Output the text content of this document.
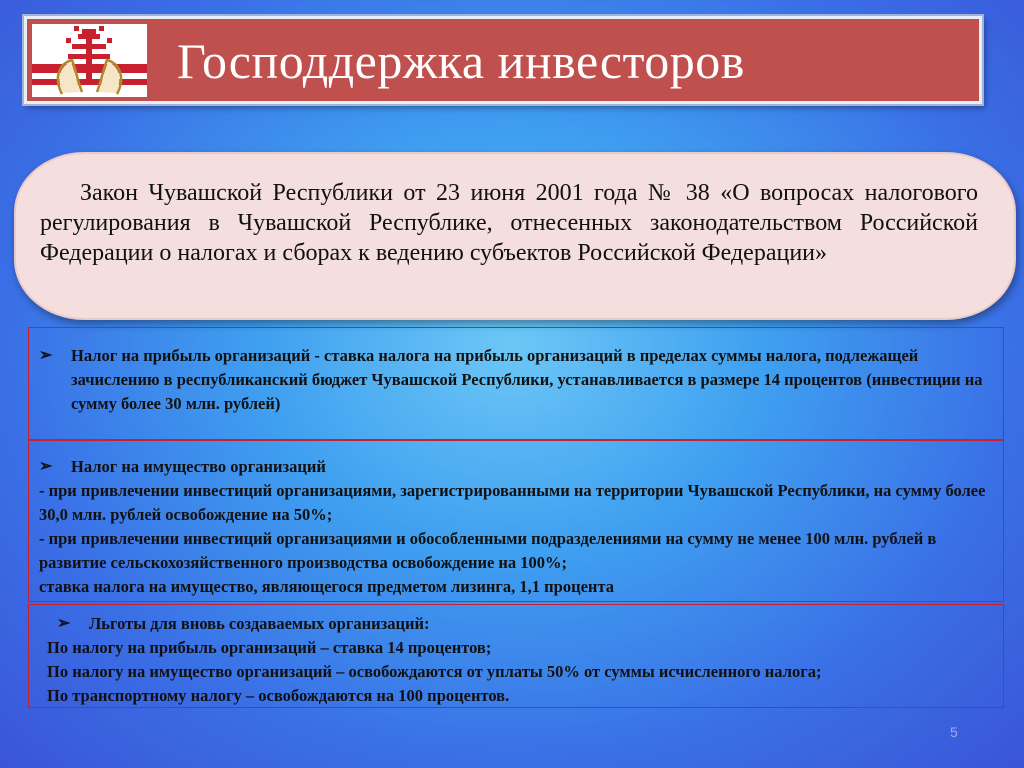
Господдержка инвесторов
Закон Чувашской Республики от 23 июня 2001 года № 38 «О вопросах налогового регулирования в Чувашской Республике, отнесенных законодательством Российской Федерации о налогах и сборах к ведению субъектов Российской Федерации»
➢ Налог на прибыль организаций - ставка налога на прибыль организаций в пределах суммы налога, подлежащей зачислению в республиканский бюджет Чувашской Республики, устанавливается в размере 14 процентов (инвестиции на сумму более 30 млн. рублей)
➢ Налог на имущество организаций
- при привлечении инвестиций организациями, зарегистрированными на территории Чувашской Республики, на сумму более 30,0 млн. рублей освобождение на 50%;
- при привлечении инвестиций организациями и обособленными подразделениями на сумму не менее 100 млн. рублей в развитие сельскохозяйственного производства освобождение на 100%;
ставка налога на имущество, являющегося предметом лизинга, 1,1 процента
➢ Льготы для вновь создаваемых организаций:
По налогу на прибыль организаций – ставка 14 процентов;
По налогу на имущество организаций – освобождаются от уплаты 50% от суммы исчисленного налога;
По транспортному налогу – освобождаются на 100 процентов.
5
